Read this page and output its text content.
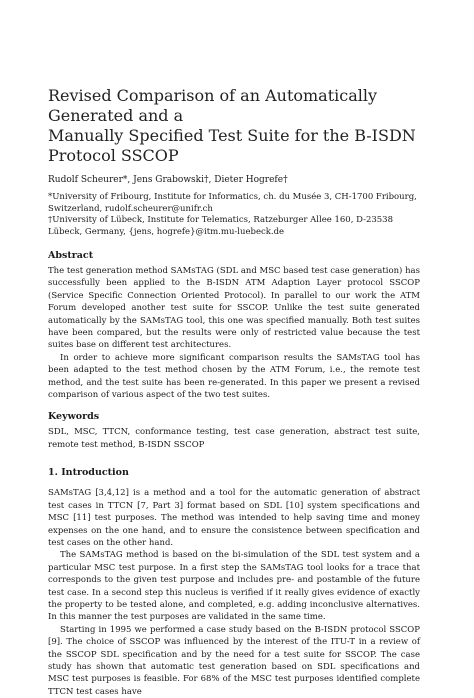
Revised Comparison of an Automatically Generated and a
Manually Specified Test Suite for the B-ISDN Protocol SSCOP

Rudolf Scheurer*, Jens Grabowski†, Dieter Hogrefe†

*University of Fribourg, Institute for Informatics, ch. du Musée 3, CH-1700 Fribourg, Switzerland, rudolf.scheurer@unifr.ch

†University of Lübeck, Institute for Telematics, Ratzeburger Allee 160, D-23538 Lübeck, Germany, {jens, hogrefe}@itm.mu-luebeck.de

Abstract

The test generation method SAMsTAG (SDL and MSC based test case generation) has successfully been applied to the B-ISDN ATM Adaption Layer protocol SSCOP (Service Specific Connection Oriented Protocol). In parallel to our work the ATM Forum developed another test suite for SSCOP. Unlike the test suite generated automatically by the SAMsTAG tool, this one was specified manually. Both test suites have been compared, but the results were only of restricted value because the test suites base on different test architectures.

In order to achieve more significant comparison results the SAMsTAG tool has been adapted to the test method chosen by the ATM Forum, i.e., the remote test method, and the test suite has been re-generated. In this paper we present a revised comparison of various aspect of the two test suites.

Keywords

SDL, MSC, TTCN, conformance testing, test case generation, abstract test suite, remote test method, B-ISDN SSCOP

1. Introduction

SAMsTAG [3,4,12] is a method and a tool for the automatic generation of abstract test cases in TTCN [7, Part 3] format based on SDL [10] system specifications and MSC [11] test purposes. The method was intended to help saving time and money expenses on the one hand, and to ensure the consistence between specification and test cases on the other hand.

The SAMsTAG method is based on the bi-simulation of the SDL test system and a particular MSC test purpose. In a first step the SAMsTAG tool looks for a trace that corresponds to the given test purpose and includes pre- and postamble of the future test case. In a second step this nucleus is verified if it really gives evidence of exactly the property to be tested alone, and completed, e.g. adding inconclusive alternatives. In this manner the test purposes are validated in the same time.

Starting in 1995 we performed a case study based on the B-ISDN protocol SSCOP [9]. The choice of SSCOP was influenced by the interest of the ITU-T in a review of the SSCOP SDL specification and by the need for a test suite for SSCOP. The case study has shown that automatic test generation based on SDL specifications and MSC test purposes is feasible. For 68% of the MSC test purposes identified complete TTCN test cases have
